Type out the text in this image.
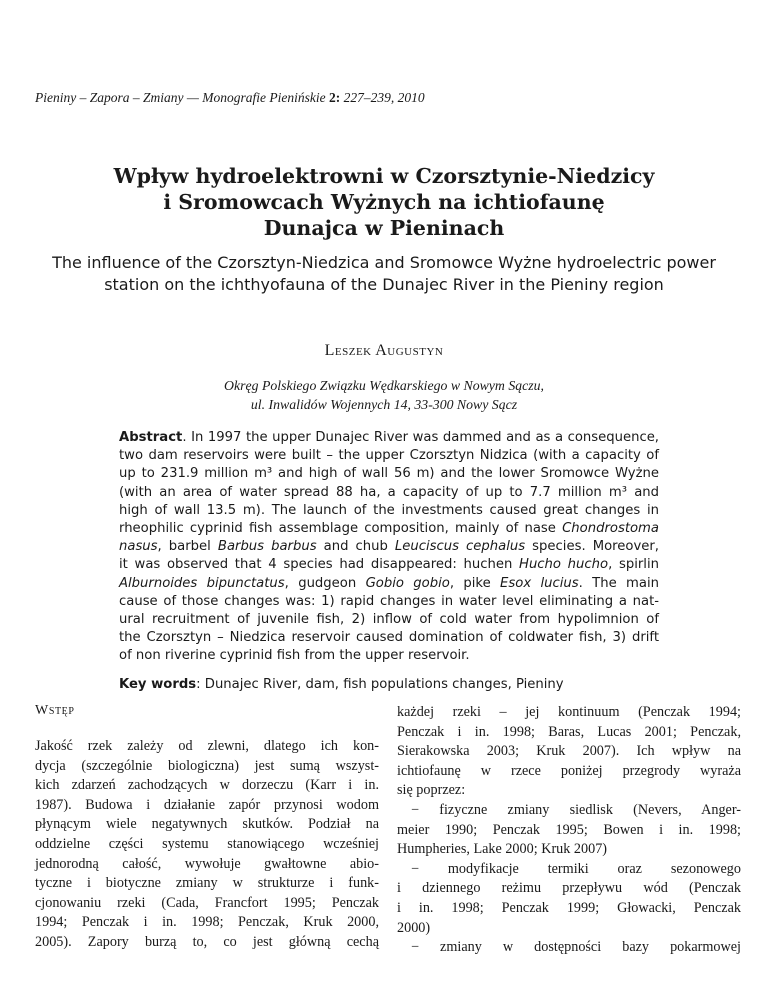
Pieniny – Zapora – Zmiany — Monografie Pienińskie 2: 227–239, 2010
Wpływ hydroelektrowni w Czorsztynie-Niedzicy
i Sromowcach Wyżnych na ichtiofaunę
Dunajca w Pieninach
The influence of the Czorsztyn-Niedzica and Sromowce Wyżne hydroelectric power
station on the ichthyofauna of the Dunajec River in the Pieniny region
Leszek Augustyn
Okręg Polskiego Związku Wędkarskiego w Nowym Sączu,
ul. Inwalidów Wojennych 14, 33-300 Nowy Sącz
Abstract. In 1997 the upper Dunajec River was dammed and as a consequence,
two dam reservoirs were built – the upper Czorsztyn Nidzica (with a capacity of
up to 231.9 million m³ and high of wall 56 m) and the lower Sromowce Wyżne
(with an area of water spread 88 ha, a capacity of up to 7.7 million m³ and
high of wall 13.5 m). The launch of the investments caused great changes in
rheophilic cyprinid fish assemblage composition, mainly of nase Chondrostoma
nasus, barbel Barbus barbus and chub Leuciscus cephalus species. Moreover,
it was observed that 4 species had disappeared: huchen Hucho hucho, spirlin
Alburnoides bipunctatus, gudgeon Gobio gobio, pike Esox lucius. The main
cause of those changes was: 1) rapid changes in water level eliminating a nat-
ural recruitment of juvenile fish, 2) inflow of cold water from hypolimnion of
the Czorsztyn – Niedzica reservoir caused domination of coldwater fish, 3) drift
of non riverine cyprinid fish from the upper reservoir.
Key words: Dunajec River, dam, fish populations changes, Pieniny
Wstęp
Jakość rzek zależy od zlewni, dlatego ich kon-
dycja (szczególnie biologiczna) jest sumą wszyst-
kich zdarzeń zachodzących w dorzeczu (Karr i in.
1987). Budowa i działanie zapór przynosi wodom
płynącym wiele negatywnych skutków. Podział na
oddzielne części systemu stanowiącego wcześniej
jednorodną całość, wywołuje gwałtowne abio-
tyczne i biotyczne zmiany w strukturze i funk-
cjonowaniu rzeki (Cada, Francfort 1995; Penczak
1994; Penczak i in. 1998; Penczak, Kruk 2000,
2005). Zapory burzą to, co jest główną cechą
każdej rzeki – jej kontinuum (Penczak 1994;
Penczak i in. 1998; Baras, Lucas 2001; Penczak,
Sierakowska 2003; Kruk 2007). Ich wpływ na
ichtiofaunę w rzece poniżej przegrody wyraża
się poprzez:
− fizyczne zmiany siedlisk (Nevers, Anger-
meier 1990; Penczak 1995; Bowen i in. 1998;
Humpheries, Lake 2000; Kruk 2007)
− modyfikacje termiki oraz sezonowego
i dziennego reżimu przepływu wód (Penczak
i in. 1998; Penczak 1999; Głowacki, Penczak
2000)
− zmiany w dostępności bazy pokarmowej
